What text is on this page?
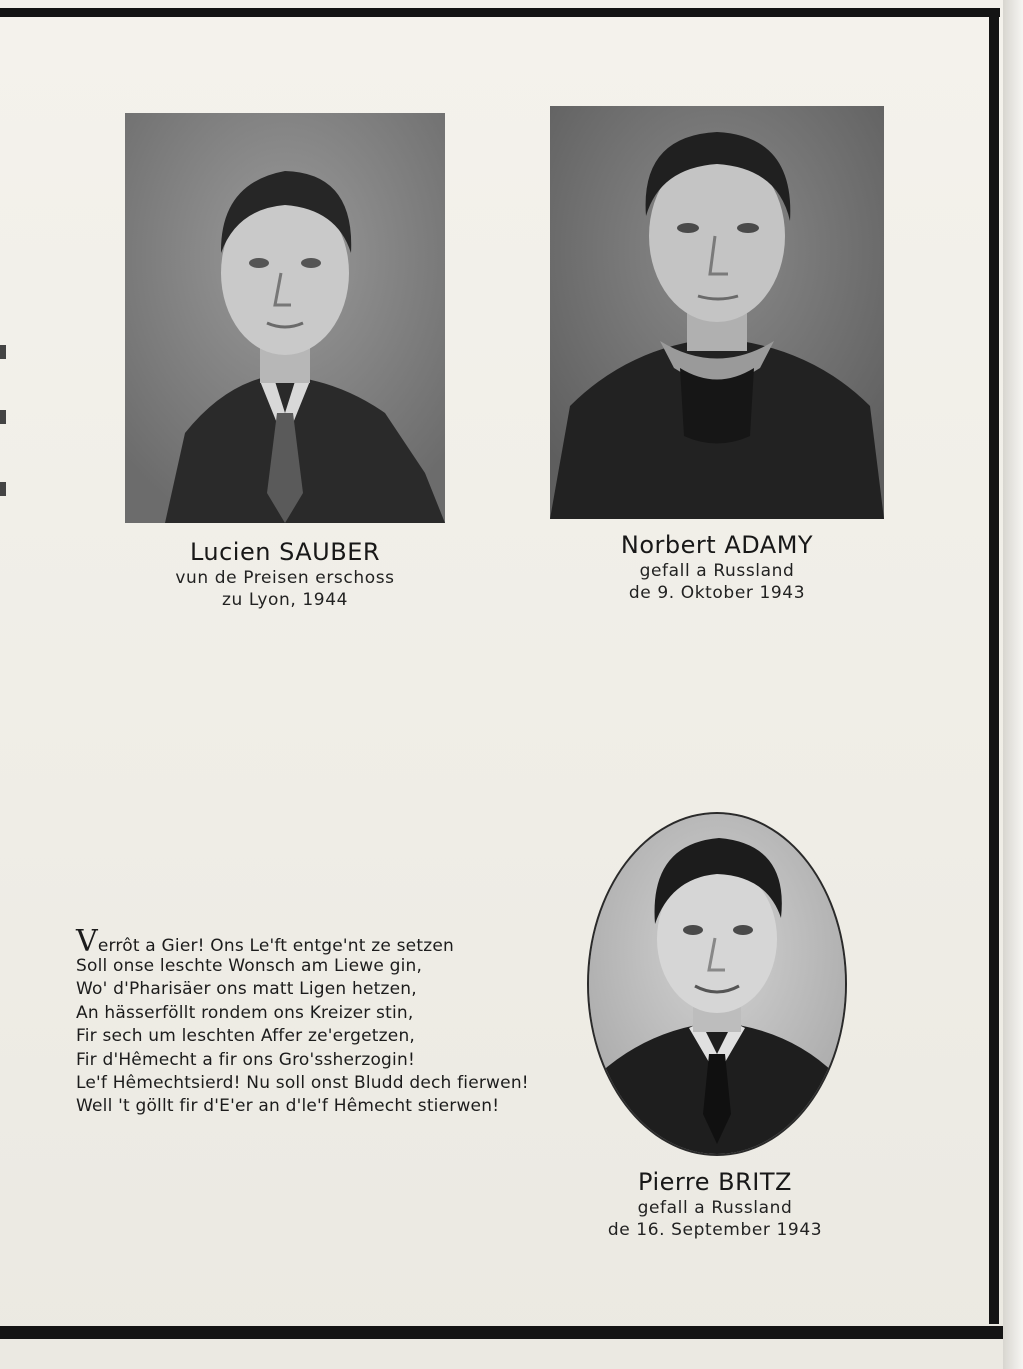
Lucien SAUBER
vun de Preisen erschoss
zu Lyon, 1944
Norbert ADAMY
gefall a Russland
de 9. Oktober 1943
Pierre BRITZ
gefall a Russland
de 16. September 1943
Verrôt a Gier! Ons Le'ft entge'nt ze setzen
Soll onse leschte Wonsch am Liewe gin,
Wo' d'Pharisäer ons matt Ligen hetzen,
An hässerföllt rondem ons Kreizer stin,
Fir sech um leschten Affer ze'ergetzen,
Fir d'Hêmecht a fir ons Gro'ssherzogin!
Le'f Hêmechtsierd! Nu soll onst Bludd dech fierwen!
Well 't göllt fir d'E'er an d'le'f Hêmecht stierwen!
